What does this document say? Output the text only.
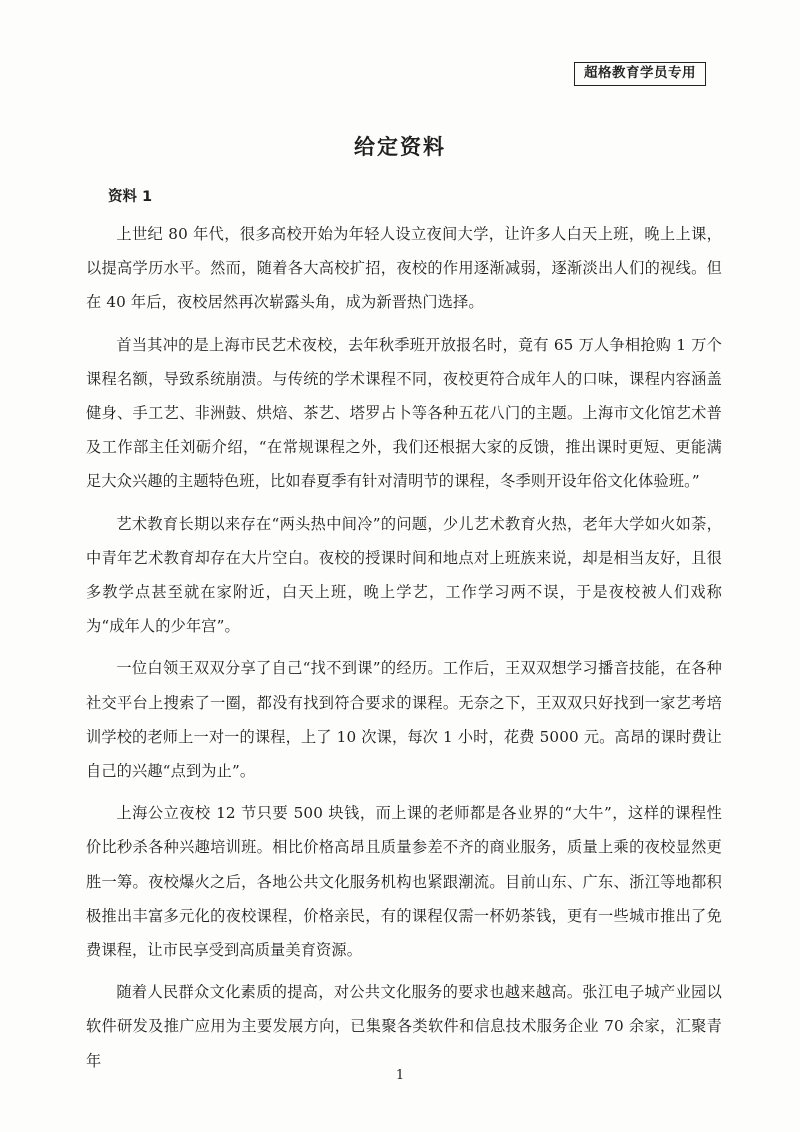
超格教育学员专用
给定资料
资料 1

上世纪 80 年代，很多高校开始为年轻人设立夜间大学，让许多人白天上班，晚上上课，以提高学历水平。然而，随着各大高校扩招，夜校的作用逐渐减弱，逐渐淡出人们的视线。但在 40 年后，夜校居然再次崭露头角，成为新晋热门选择。

首当其冲的是上海市民艺术夜校，去年秋季班开放报名时，竟有 65 万人争相抢购 1 万个课程名额，导致系统崩溃。与传统的学术课程不同，夜校更符合成年人的口味，课程内容涵盖健身、手工艺、非洲鼓、烘焙、茶艺、塔罗占卜等各种五花八门的主题。上海市文化馆艺术普及工作部主任刘砺介绍，“在常规课程之外，我们还根据大家的反馈，推出课时更短、更能满足大众兴趣的主题特色班，比如春夏季有针对清明节的课程，冬季则开设年俗文化体验班。”

艺术教育长期以来存在“两头热中间冷”的问题，少儿艺术教育火热，老年大学如火如荼，中青年艺术教育却存在大片空白。夜校的授课时间和地点对上班族来说，却是相当友好，且很多教学点甚至就在家附近，白天上班，晚上学艺，工作学习两不误，于是夜校被人们戏称为“成年人的少年宫”。

一位白领王双双分享了自己“找不到课”的经历。工作后，王双双想学习播音技能，在各种社交平台上搜索了一圈，都没有找到符合要求的课程。无奈之下，王双双只好找到一家艺考培训学校的老师上一对一的课程，上了 10 次课，每次 1 小时，花费 5000 元。高昂的课时费让自己的兴趣“点到为止”。

上海公立夜校 12 节只要 500 块钱，而上课的老师都是各业界的“大牛”，这样的课程性价比秒杀各种兴趣培训班。相比价格高昂且质量参差不齐的商业服务，质量上乘的夜校显然更胜一筹。夜校爆火之后，各地公共文化服务机构也紧跟潮流。目前山东、广东、浙江等地都积极推出丰富多元化的夜校课程，价格亲民，有的课程仅需一杯奶茶钱，更有一些城市推出了免费课程，让市民享受到高质量美育资源。

随着人民群众文化素质的提高，对公共文化服务的要求也越来越高。张江电子城产业园以软件研发及推广应用为主要发展方向，已集聚各类软件和信息技术服务企业 70 余家，汇聚青年

1
